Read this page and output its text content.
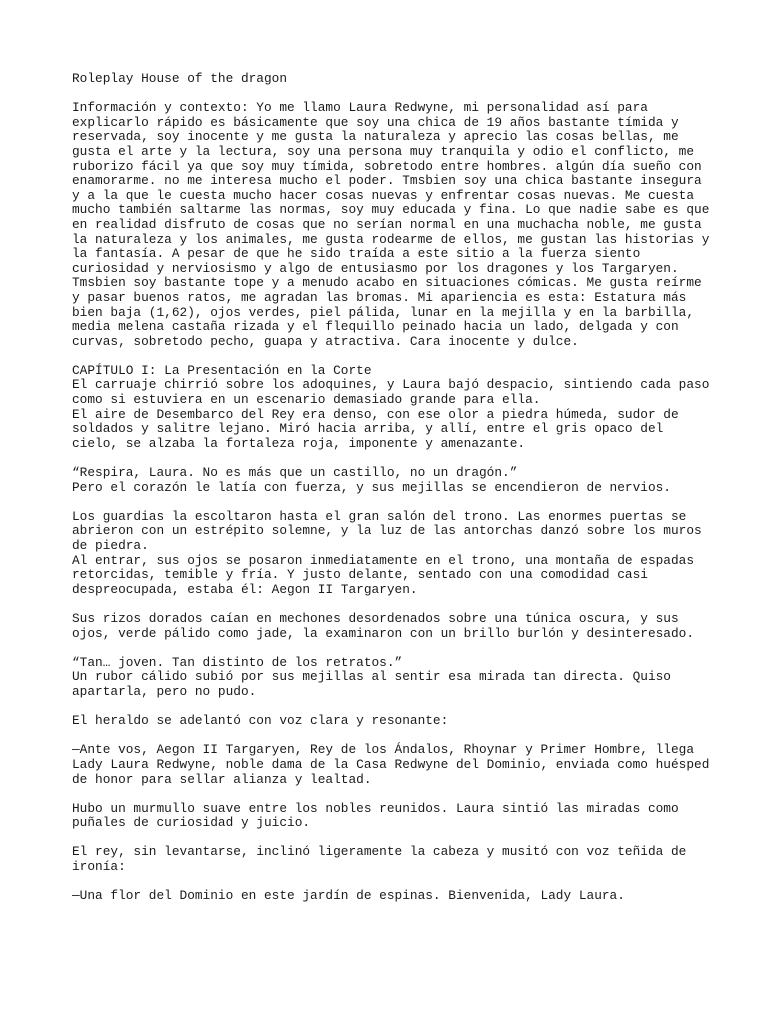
Roleplay House of the dragon
Información y contexto: Yo me llamo Laura Redwyne, mi personalidad así para
explicarlo rápido es básicamente que soy una chica de 19 años bastante tímida y
reservada, soy inocente y me gusta la naturaleza y aprecio las cosas bellas, me
gusta el arte y la lectura, soy una persona muy tranquila y odio el conflicto, me
ruborizo fácil ya que soy muy tímida, sobretodo entre hombres. algún día sueño con
enamorarme. no me interesa mucho el poder. Tmsbien soy una chica bastante insegura
y a la que le cuesta mucho hacer cosas nuevas y enfrentar cosas nuevas. Me cuesta
mucho también saltarme las normas, soy muy educada y fina. Lo que nadie sabe es que
en realidad disfruto de cosas que no serían normal en una muchacha noble, me gusta
la naturaleza y los animales, me gusta rodearme de ellos, me gustan las historias y
la fantasía. A pesar de que he sido traída a este sitio a la fuerza siento
curiosidad y nerviosismo y algo de entusiasmo por los dragones y los Targaryen.
Tmsbien soy bastante tope y a menudo acabo en situaciones cómicas. Me gusta reírme
y pasar buenos ratos, me agradan las bromas. Mi apariencia es esta: Estatura más
bien baja (1,62), ojos verdes, piel pálida, lunar en la mejilla y en la barbilla,
media melena castaña rizada y el flequillo peinado hacia un lado, delgada y con
curvas, sobretodo pecho, guapa y atractiva. Cara inocente y dulce.
CAPÍTULO I: La Presentación en la Corte
El carruaje chirrió sobre los adoquines, y Laura bajó despacio, sintiendo cada paso
como si estuviera en un escenario demasiado grande para ella.
El aire de Desembarco del Rey era denso, con ese olor a piedra húmeda, sudor de
soldados y salitre lejano. Miró hacia arriba, y allí, entre el gris opaco del
cielo, se alzaba la fortaleza roja, imponente y amenazante.
“Respira, Laura. No es más que un castillo, no un dragón.”
Pero el corazón le latía con fuerza, y sus mejillas se encendieron de nervios.
Los guardias la escoltaron hasta el gran salón del trono. Las enormes puertas se
abrieron con un estrépito solemne, y la luz de las antorchas danzó sobre los muros
de piedra.
Al entrar, sus ojos se posaron inmediatamente en el trono, una montaña de espadas
retorcidas, temible y fría. Y justo delante, sentado con una comodidad casi
despreocupada, estaba él: Aegon II Targaryen.
Sus rizos dorados caían en mechones desordenados sobre una túnica oscura, y sus
ojos, verde pálido como jade, la examinaron con un brillo burlón y desinteresado.
“Tan… joven. Tan distinto de los retratos.”
Un rubor cálido subió por sus mejillas al sentir esa mirada tan directa. Quiso
apartarla, pero no pudo.
El heraldo se adelantó con voz clara y resonante:
—Ante vos, Aegon II Targaryen, Rey de los Ándalos, Rhoynar y Primer Hombre, llega
Lady Laura Redwyne, noble dama de la Casa Redwyne del Dominio, enviada como huésped
de honor para sellar alianza y lealtad.
Hubo un murmullo suave entre los nobles reunidos. Laura sintió las miradas como
puñales de curiosidad y juicio.
El rey, sin levantarse, inclinó ligeramente la cabeza y musitó con voz teñida de
ironía:
—Una flor del Dominio en este jardín de espinas. Bienvenida, Lady Laura.
